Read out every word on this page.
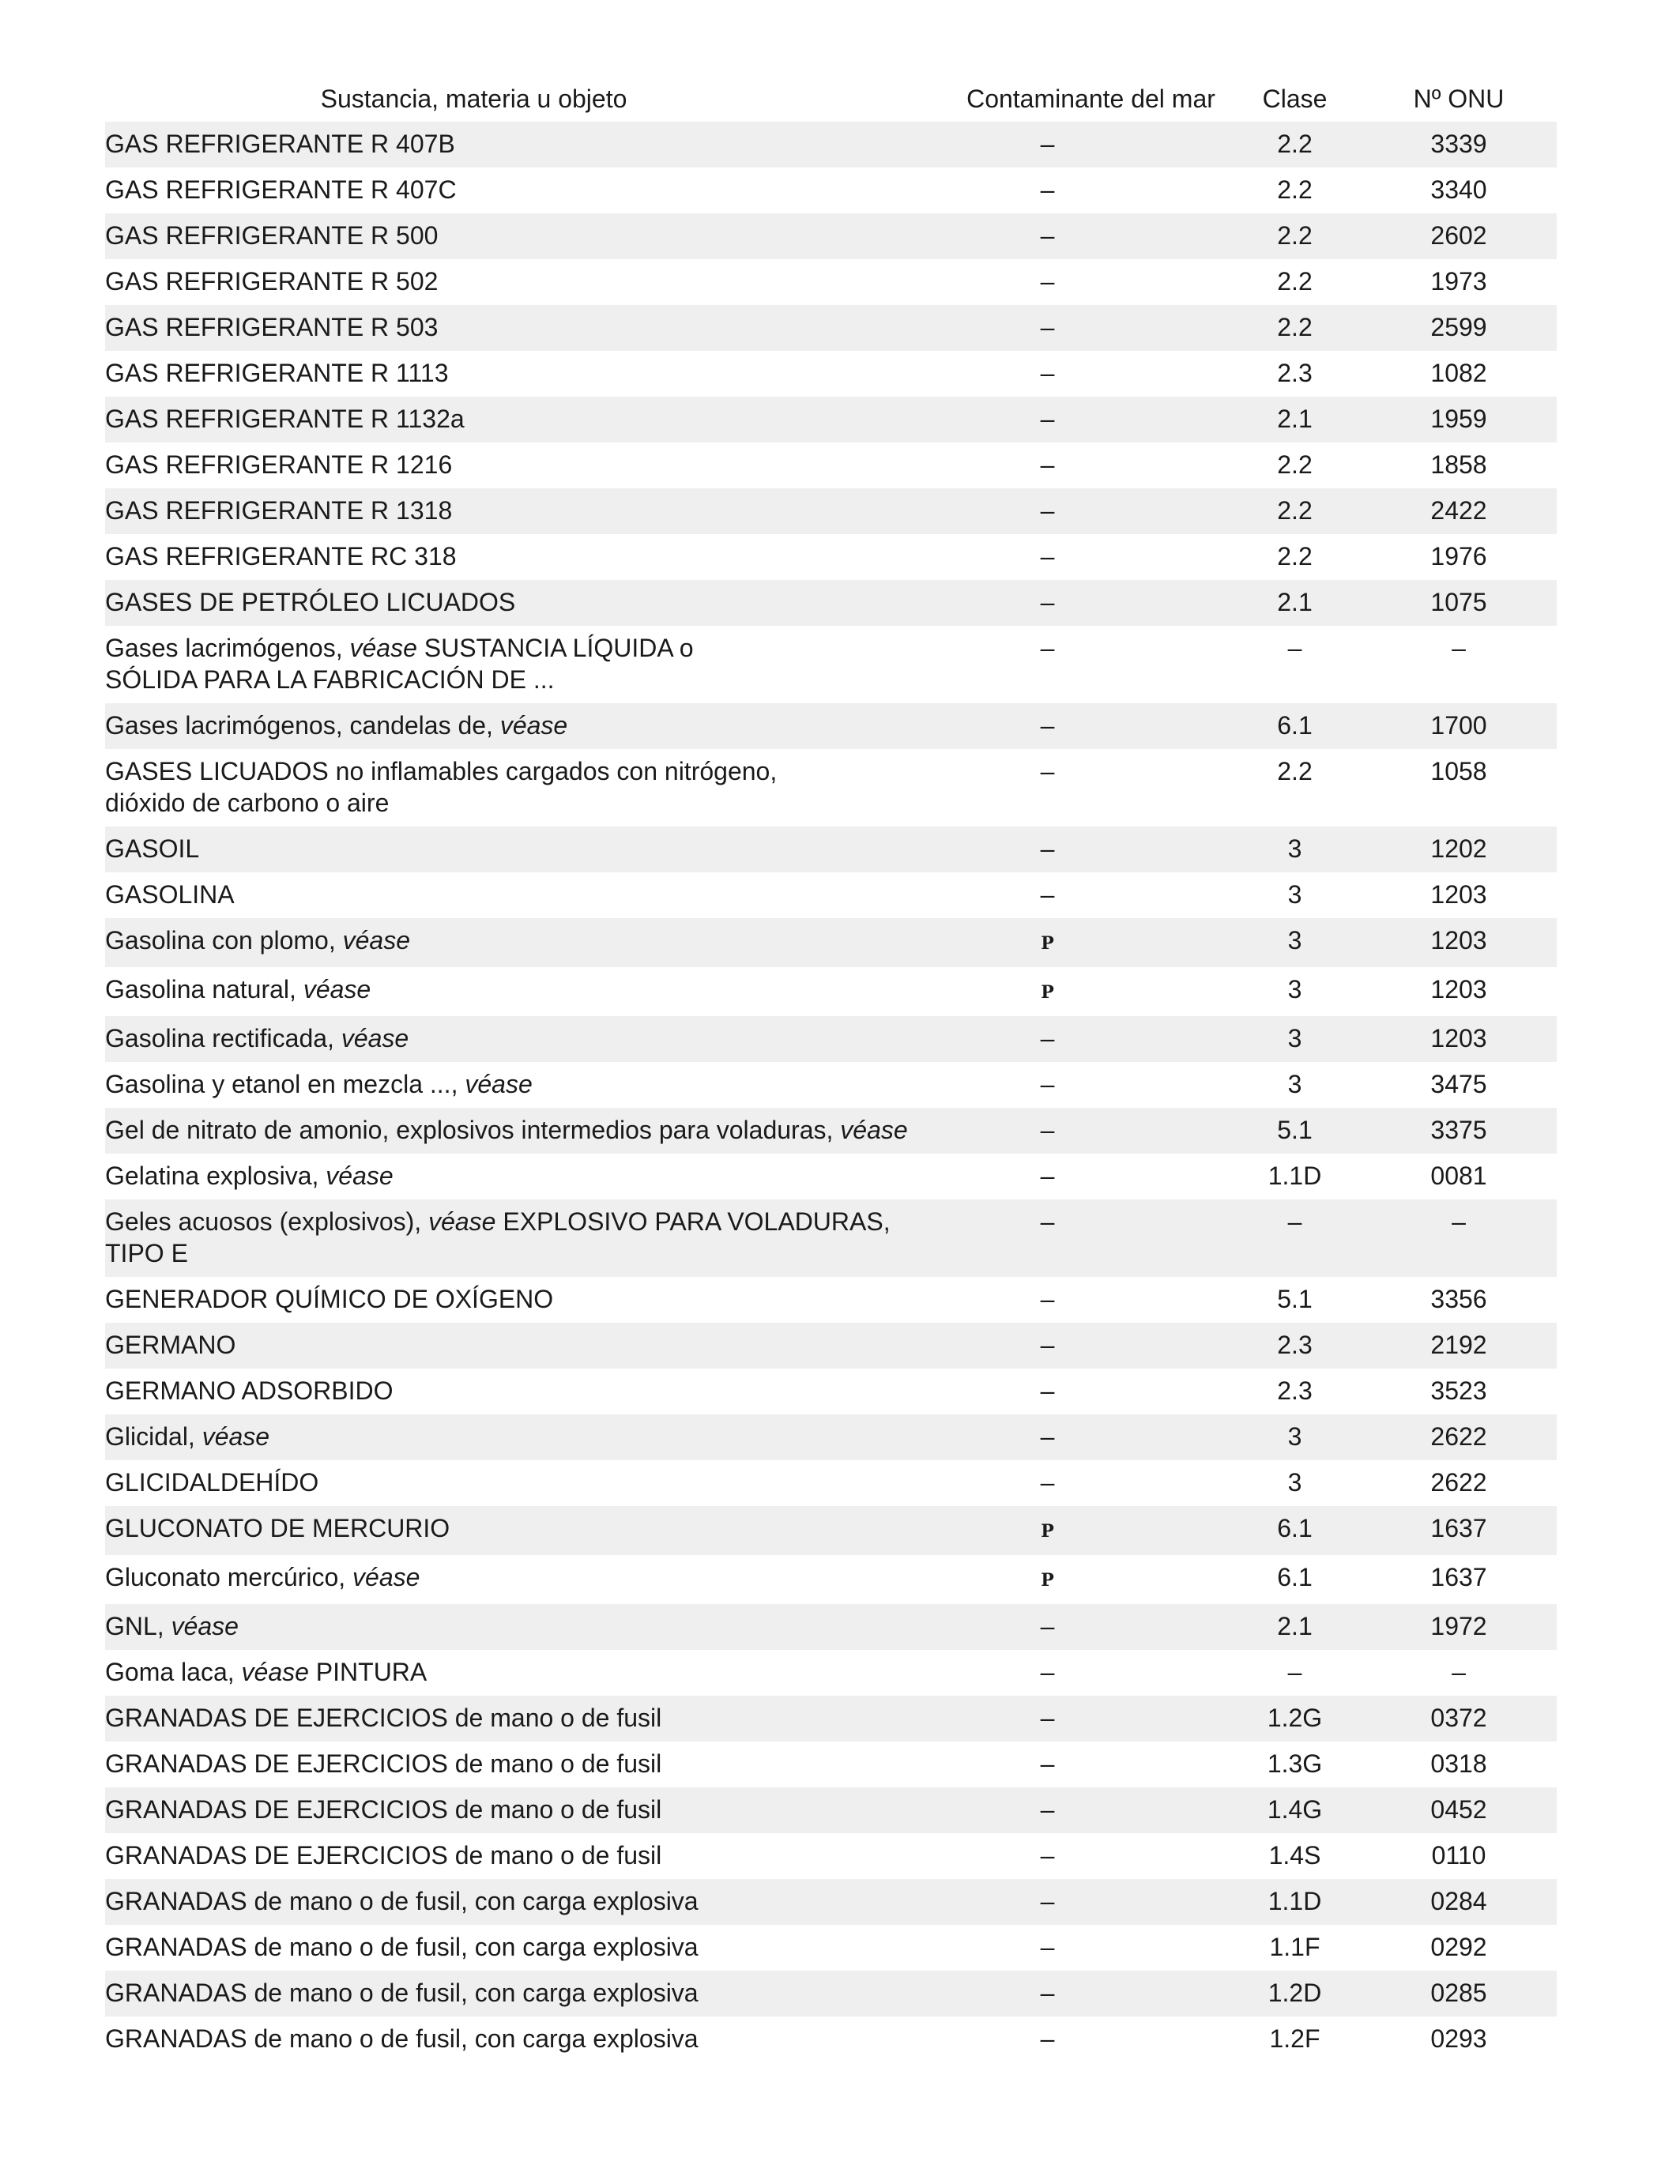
Sustancia, materia u objeto	Contaminante del mar	Clase	Nº ONU
GAS REFRIGERANTE R 407B	–	2.2	3339
GAS REFRIGERANTE R 407C	–	2.2	3340
GAS REFRIGERANTE R 500	–	2.2	2602
GAS REFRIGERANTE R 502	–	2.2	1973
GAS REFRIGERANTE R 503	–	2.2	2599
GAS REFRIGERANTE R 1113	–	2.3	1082
GAS REFRIGERANTE R 1132a	–	2.1	1959
GAS REFRIGERANTE R 1216	–	2.2	1858
GAS REFRIGERANTE R 1318	–	2.2	2422
GAS REFRIGERANTE RC 318	–	2.2	1976
GASES DE PETRÓLEO LICUADOS	–	2.1	1075
Gases lacrimógenos, véase SUSTANCIA LÍQUIDA o
SÓLIDA PARA LA FABRICACIÓN DE ...	–	–	–
Gases lacrimógenos, candelas de, véase	–	6.1	1700
GASES LICUADOS no inflamables cargados con nitrógeno,
dióxido de carbono o aire	–	2.2	1058
GASOIL	–	3	1202
GASOLINA	–	3	1203
Gasolina con plomo, véase	P	3	1203
Gasolina natural, véase	P	3	1203
Gasolina rectificada, véase	–	3	1203
Gasolina y etanol en mezcla ..., véase	–	3	3475
Gel de nitrato de amonio, explosivos intermedios para voladuras, véase	–	5.1	3375
Gelatina explosiva, véase	–	1.1D	0081
Geles acuosos (explosivos), véase EXPLOSIVO PARA VOLADURAS,
TIPO E	–	–	–
GENERADOR QUÍMICO DE OXÍGENO	–	5.1	3356
GERMANO	–	2.3	2192
GERMANO ADSORBIDO	–	2.3	3523
Glicidal, véase	–	3	2622
GLICIDALDEHÍDO	–	3	2622
GLUCONATO DE MERCURIO	P	6.1	1637
Gluconato mercúrico, véase	P	6.1	1637
GNL, véase	–	2.1	1972
Goma laca, véase PINTURA	–	–	–
GRANADAS DE EJERCICIOS de mano o de fusil	–	1.2G	0372
GRANADAS DE EJERCICIOS de mano o de fusil	–	1.3G	0318
GRANADAS DE EJERCICIOS de mano o de fusil	–	1.4G	0452
GRANADAS DE EJERCICIOS de mano o de fusil	–	1.4S	0110
GRANADAS de mano o de fusil, con carga explosiva	–	1.1D	0284
GRANADAS de mano o de fusil, con carga explosiva	–	1.1F	0292
GRANADAS de mano o de fusil, con carga explosiva	–	1.2D	0285
GRANADAS de mano o de fusil, con carga explosiva	–	1.2F	0293
